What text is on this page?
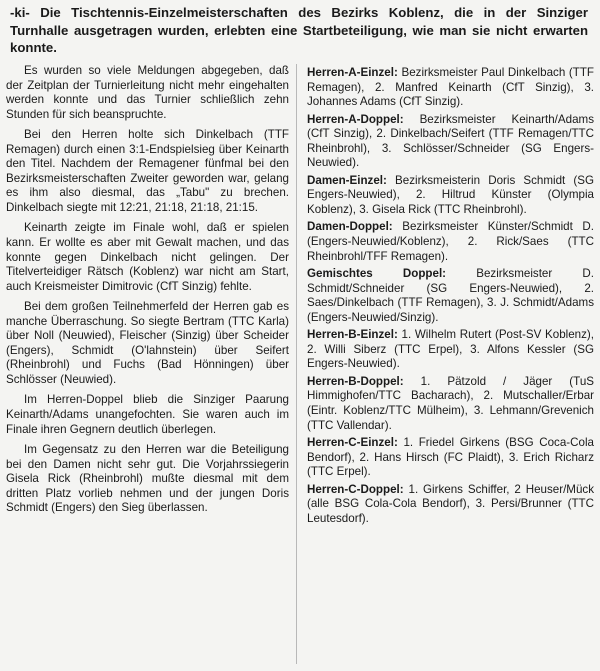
-ki- Die Tischtennis-Einzelmeisterschaften des Bezirks Koblenz, die in der Sinziger Turnhalle ausgetragen wurden, erlebten eine Startbeteiligung, wie man sie nicht erwarten konnte.

Es wurden so viele Meldungen abgegeben, daß der Zeitplan der Turnierleitung nicht mehr eingehalten werden konnte und das Turnier schließlich zehn Stunden für sich beanspruchte.

Bei den Herren holte sich Dinkelbach (TTF Remagen) durch einen 3:1-Endspielsieg über Keinarth den Titel. Nachdem der Remagener fünfmal bei den Bezirksmeisterschaften Zweiter geworden war, gelang es ihm also diesmal, das „Tabu" zu brechen. Dinkelbach siegte mit 12:21, 21:18, 21:18, 21:15.

Keinarth zeigte im Finale wohl, daß er spielen kann. Er wollte es aber mit Gewalt machen, und das konnte gegen Dinkelbach nicht gelingen. Der Titelverteidiger Rätsch (Koblenz) war nicht am Start, auch Kreismeister Dimitrovic (CfT Sinzig) fehlte.

Bei dem großen Teilnehmerfeld der Herren gab es manche Überraschung. So siegte Bertram (TTC Karla) über Noll (Neuwied), Fleischer (Sinzig) über Scheider (Engers), Schmidt (O'lahnstein) über Seifert (Rheinbrohl) und Fuchs (Bad Hönningen) über Schlösser (Neuwied).

Im Herren-Doppel blieb die Sinziger Paarung Keinarth/Adams unangefochten. Sie waren auch im Finale ihren Gegnern deutlich überlegen.

Im Gegensatz zu den Herren war die Beteiligung bei den Damen nicht sehr gut. Die Vorjahrssiegerin Gisela Rick (Rheinbrohl) mußte diesmal mit dem dritten Platz vorlieb nehmen und der jungen Doris Schmidt (Engers) den Sieg überlassen.

Herren-A-Einzel: Bezirksmeister Paul Dinkelbach (TTF Remagen), 2. Manfred Keinarth (CfT Sinzig), 3. Johannes Adams (CfT Sinzig).

Herren-A-Doppel: Bezirksmeister Keinarth/Adams (CfT Sinzig), 2. Dinkelbach/Seifert (TTF Remagen/TTC Rheinbrohl), 3. Schlösser/Schneider (SG Engers-Neuwied).

Damen-Einzel: Bezirksmeisterin Doris Schmidt (SG Engers-Neuwied), 2. Hiltrud Künster (Olympia Koblenz), 3. Gisela Rick (TTC Rheinbrohl).

Damen-Doppel: Bezirksmeister Künster/Schmidt D. (Engers-Neuwied/Koblenz), 2. Rick/Saes (TTC Rheinbrohl/TFF Remagen).

Gemischtes Doppel:	Bezirksmeister D. Schmidt/Schneider (SG Engers-Neuwied), 2. Saes/Dinkelbach (TTF Remagen), 3. J. Schmidt/Adams (Engers-Neuwied/Sinzig).

Herren-B-Einzel: 1. Wilhelm Rutert (Post-SV Koblenz), 2. Willi Siberz (TTC Erpel), 3. Alfons Kessler (SG Engers-Neuwied).

Herren-B-Doppel: 1. Pätzold / Jäger (TuS Himmighofen/TTC Bacharach), 2. Mutschaller/Erbar (Eintr. Koblenz/TTC Mülheim), 3. Lehmann/Grevenich (TTC Vallendar).

Herren-C-Einzel: 1. Friedel Girkens (BSG Coca-Cola Bendorf), 2. Hans Hirsch (FC Plaidt), 3. Erich Richarz (TTC Erpel).

Herren-C-Doppel: 1. Girkens Schiffer, 2 Heuser/Mück (alle BSG Cola-Cola Bendorf), 3. Persi/Brunner (TTC Leutesdorf).
